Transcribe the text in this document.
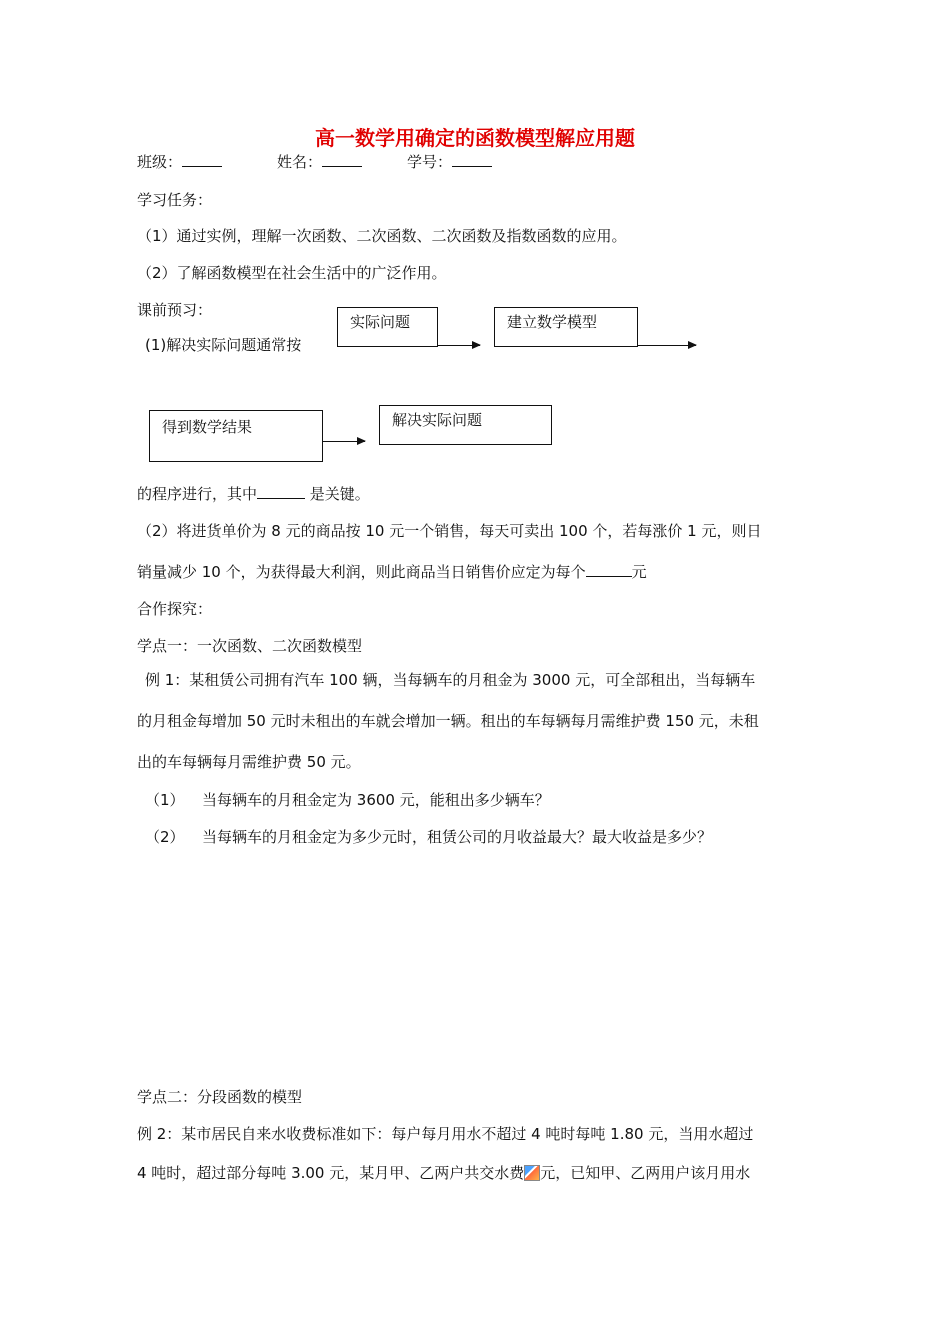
高一数学用确定的函数模型解应用题
班级：	姓名：	学号：
学习任务：
（1）通过实例，理解一次函数、二次函数、二次函数及指数函数的应用。
（2）了解函数模型在社会生活中的广泛作用。
课前预习：
(1)解决实际问题通常按
实际问题	建立数学模型
得到数学结果	解决实际问题
的程序进行，其中	是关键。
（2）将进货单价为 8 元的商品按 10 元一个销售，每天可卖出 100 个，若每涨价 1 元，则日
销量减少 10 个，为获得最大利润，则此商品当日销售价应定为每个	元
合作探究：
学点一：一次函数、二次函数模型
例 1：某租赁公司拥有汽车 100 辆，当每辆车的月租金为 3000 元，可全部租出，当每辆车
的月租金每增加 50 元时未租出的车就会增加一辆。租出的车每辆每月需维护费 150 元，未租
出的车每辆每月需维护费 50 元。
（1） 当每辆车的月租金定为 3600 元，能租出多少辆车？
（2） 当每辆车的月租金定为多少元时，租赁公司的月收益最大？最大收益是多少？
学点二：分段函数的模型
例 2：某市居民自来水收费标准如下：每户每月用水不超过 4 吨时每吨 1.80 元，当用水超过
4 吨时，超过部分每吨 3.00 元，某月甲、乙两户共交水费 元，已知甲、乙两用户该月用水
